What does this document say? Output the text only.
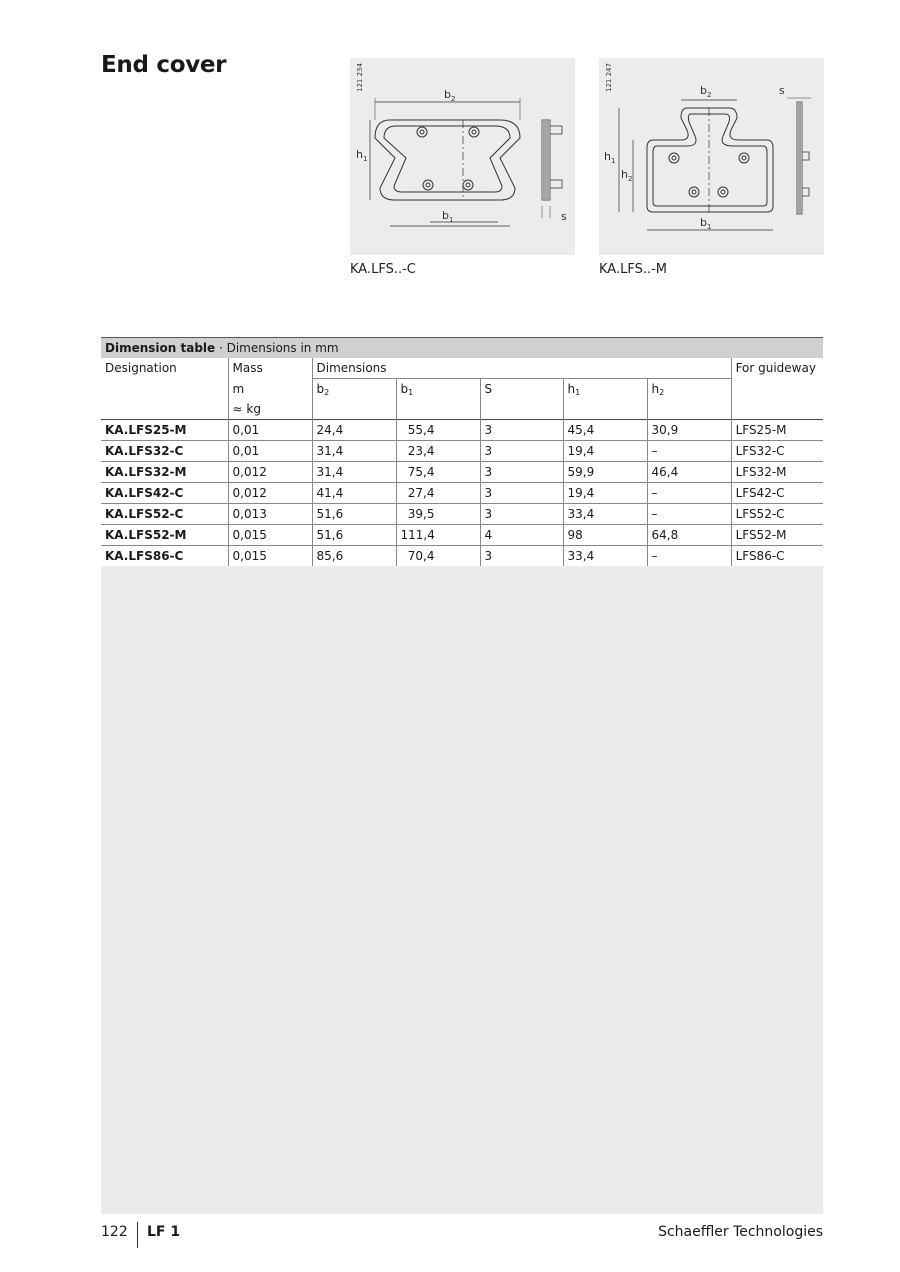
End cover
b 2
b 1
h 1
s
121 234
KA.LFS..-C
b 2
b 1
h 1
h 2
s
121 247
KA.LFS..-M
Dimension table · Dimensions in mm
Designation	Mass	Dimensions					For guideway
	m	$b_2$	$b_1$	S	$h_1$	$h_2$	
	≈ kg						
KA.LFS25-M	0,01	24,4	55,4	3	45,4	30,9	LFS25-M
KA.LFS32-C	0,01	31,4	23,4	3	19,4	–	LFS32-C
KA.LFS32-M	0,012	31,4	75,4	3	59,9	46,4	LFS32-M
KA.LFS42-C	0,012	41,4	27,4	3	19,4	–	LFS42-C
KA.LFS52-C	0,013	51,6	39,5	3	33,4	–	LFS52-C
KA.LFS52-M	0,015	51,6	111,4	4	98	64,8	LFS52-M
KA.LFS86-C	0,015	85,6	70,4	3	33,4	–	LFS86-C
122 LF 1	Schaeffler Technologies
